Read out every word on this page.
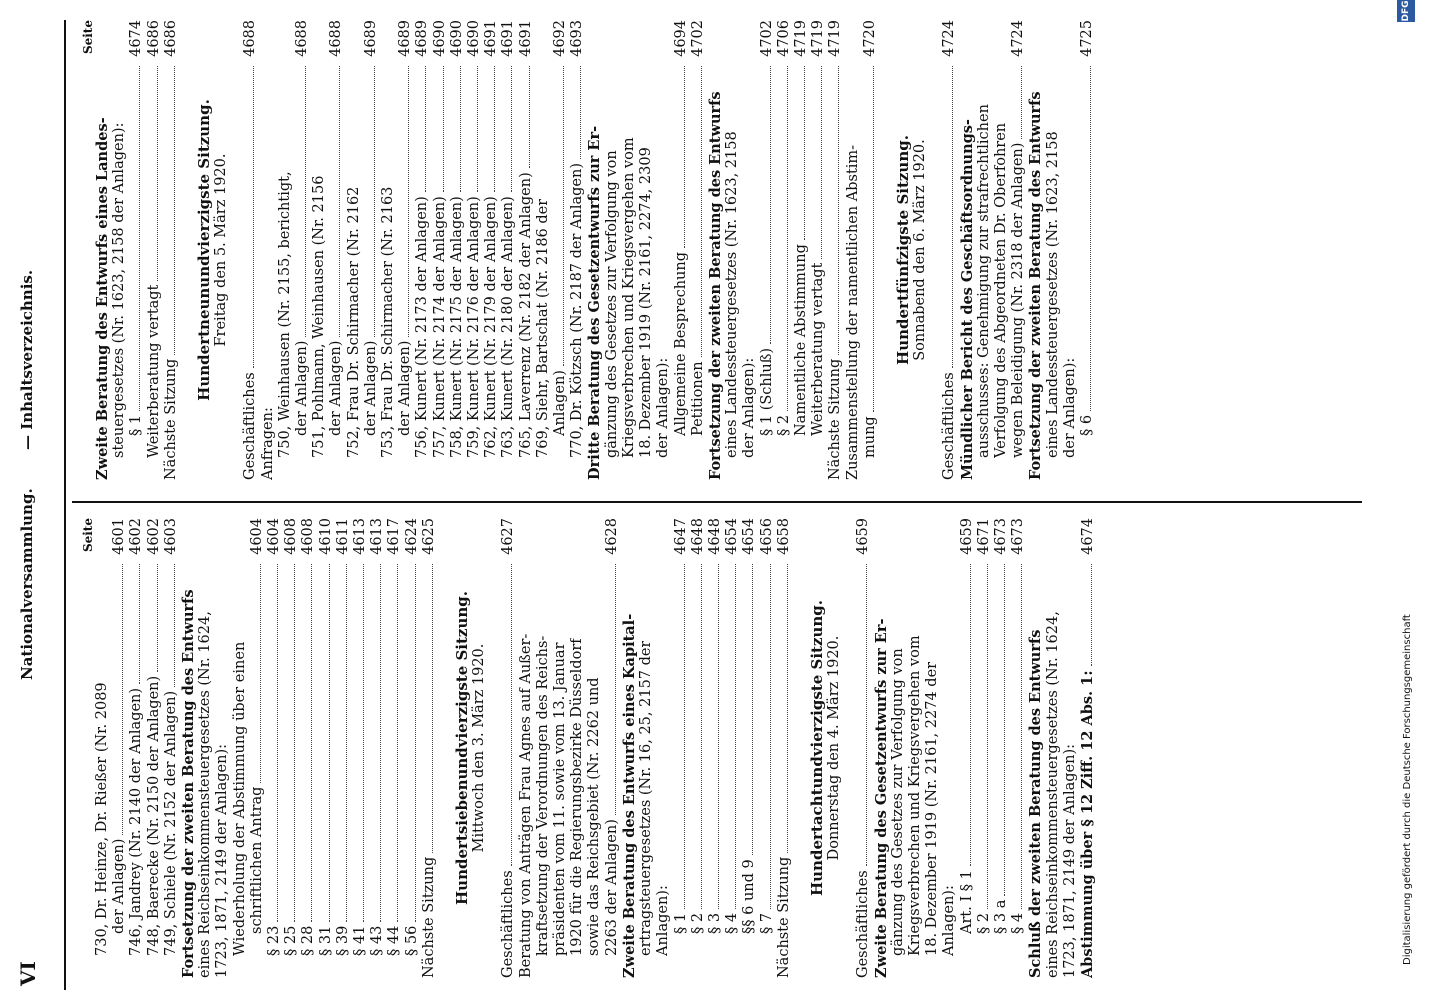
VI
Nationalversammlung.
— Inhaltsverzeichnis.
Seite
730, Dr. Heinze, Dr. Rießer (Nr. 2089 der Anlagen)
4601
746, Jandrey (Nr. 2140 der Anlagen)
4602
748, Baerecke (Nr. 2150 der Anlagen)
4602
749, Schiele (Nr. 2152 der Anlagen)
4603
Fortsetzung der zweiten Beratung des Entwurfs eines Reichseinkommensteuergesetzes (Nr. 1624, 1723, 1871, 2149 der Anlagen): Wiederholung der Abstimmung über einen schriftlichen Antrag
4604
§ 23
4604
§ 25
4608
§ 28
4608
§ 31
4610
§ 39
4611
§ 41
4613
§ 43
4613
§ 44
4617
§ 56
4624
Nächste Sitzung
4625
Hundertsiebenundvierzigste Sitzung. Mittwoch den 3. März 1920.
Geschäftliches
4627
Beratung von Anträgen Frau Agnes auf Außer- kraftsetzung der Verordnungen des Reichs- präsidenten vom 11. sowie vom 13. Januar 1920 für die Regierungsbezirke Düsseldorf sowie das Reichsgebiet (Nr. 2262 und 2263 der Anlagen)
4628
Zweite Beratung des Entwurfs eines Kapital- ertragsteuergesetzes (Nr. 16, 25, 2157 der Anlagen): § 1
4647
§ 2
4648
§ 3
4648
§ 4
4654
§§ 6 und 9
4654
§ 7
4656
Nächste Sitzung
4658
Hundertachtundvierzigste Sitzung. Donnerstag den 4. März 1920.
Geschäftliches
4659
Zweite Beratung des Gesetzentwurfs zur Er- gänzung des Gesetzes zur Verfolgung von Kriegsverbrechen und Kriegsvergehen vom 18. Dezember 1919 (Nr. 2161, 2274 der Anlagen): Art. I § 1
4659
§ 2
4671
§ 3 a
4673
§ 4
4673
Schluß der zweiten Beratung des Entwurfs eines Reichseinkommensteuergesetzes (Nr. 1624, 1723, 1871, 2149 der Anlagen): Abstimmung über § 12 Ziff. 12 Abs. 1:
4674
Seite
Zweite Beratung des Entwurfs eines Landes- steuergesetzes (Nr. 1623, 2158 der Anlagen): § 1
4674
Weiterberatung vertagt
4686
Nächste Sitzung
4686
Hundertneunundvierzigste Sitzung. Freitag den 5. März 1920.
Geschäftliches
4688
Anfragen: 750, Weinhausen (Nr. 2155, berichtigt, der Anlagen)
4688
751, Pohlmann, Weinhausen (Nr. 2156 der Anlagen)
4688
752, Frau Dr. Schirmacher (Nr. 2162 der Anlagen)
4689
753, Frau Dr. Schirmacher (Nr. 2163 der Anlagen)
4689
756, Kunert (Nr. 2173 der Anlagen)
4689
757, Kunert (Nr. 2174 der Anlagen)
4690
758, Kunert (Nr. 2175 der Anlagen)
4690
759, Kunert (Nr. 2176 der Anlagen)
4690
762, Kunert (Nr. 2179 der Anlagen)
4691
763, Kunert (Nr. 2180 der Anlagen)
4691
765, Laverrenz (Nr. 2182 der Anlagen)
4691
769, Siehr, Bartschat (Nr. 2186 der Anlagen)
4692
770, Dr. Kötzsch (Nr. 2187 der Anlagen)
4693
Dritte Beratung des Gesetzentwurfs zur Er- gänzung des Gesetzes zur Verfolgung von Kriegsverbrechen und Kriegsvergehen vom 18. Dezember 1919 (Nr. 2161, 2274, 2309 der Anlagen): Allgemeine Besprechung
4694
Petitionen
4702
Fortsetzung der zweiten Beratung des Entwurfs eines Landessteuergesetzes (Nr. 1623, 2158 der Anlagen): § 1 (Schluß)
4702
§ 2
4706
Namentliche Abstimmung
4719
Weiterberatung vertagt
4719
Nächste Sitzung
4719
Zusammenstellung der namentlichen Abstim- mung
4720
Hundertfünfzigste Sitzung. Sonnabend den 6. März 1920.
Geschäftliches
4724
Mündlicher Bericht des Geschäftsordnungs- ausschusses: Genehmigung zur strafrechtlichen Verfolgung des Abgeordneten Dr. Oberfohren wegen Beleidigung (Nr. 2318 der Anlagen)
4724
Fortsetzung der zweiten Beratung des Entwurfs eines Landessteuergesetzes (Nr. 1623, 2158 der Anlagen): § 6
4725
Digitalisierung gefördert durch die Deutsche Forschungsgemeinschaft
DFG
